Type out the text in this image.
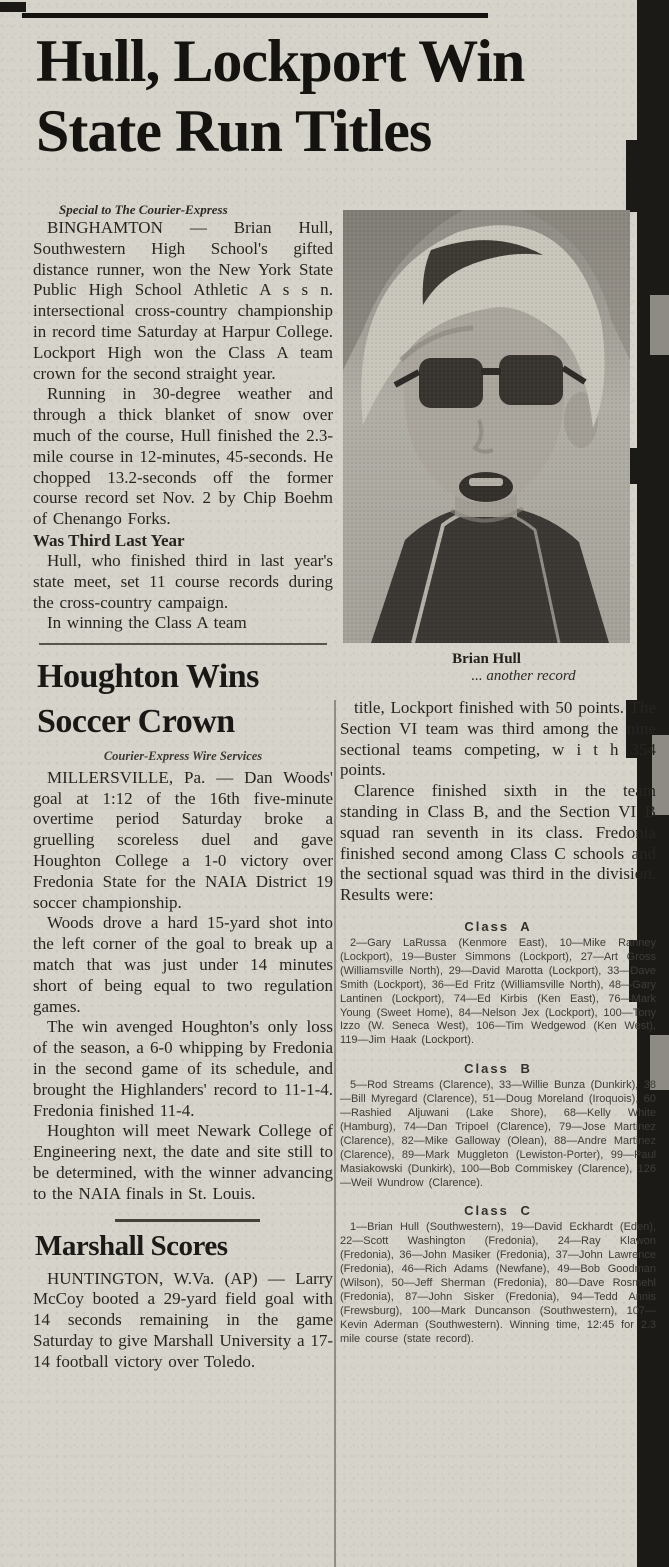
Hull, Lockport Win
State Run Titles
Special to The Courier-Express

BINGHAMTON — Brian Hull, Southwestern High School's gifted distance runner, won the New York State Public High School Athletic A s s n. intersectional cross-country championship in record time Saturday at Harpur College. Lockport High won the Class A team crown for the second straight year.

Running in 30-degree weather and through a thick blanket of snow over much of the course, Hull finished the 2.3-mile course in 12-minutes, 45-seconds. He chopped 13.2-seconds off the former course record set Nov. 2 by Chip Boehm of Chenango Forks.

Was Third Last Year

Hull, who finished third in last year's state meet, set 11 course records during the cross-country campaign.

In winning the Class A team

Houghton Wins
Soccer Crown
Courier-Express Wire Services

MILLERSVILLE, Pa. — Dan Woods' goal at 1:12 of the 16th five-minute overtime period Saturday broke a gruelling scoreless duel and gave Houghton College a 1-0 victory over Fredonia State for the NAIA District 19 soccer championship.

Woods drove a hard 15-yard shot into the left corner of the goal to break up a match that was just under 14 minutes short of being equal to two regulation games.

The win avenged Houghton's only loss of the season, a 6-0 whipping by Fredonia in the second game of its schedule, and brought the Highlanders' record to 11-1-4. Fredonia finished 11-4.

Houghton will meet Newark College of Engineering next, the date and site still to be determined, with the winner advancing to the NAIA finals in St. Louis.

Marshall Scores

HUNTINGTON, W.Va. (AP) — Larry McCoy booted a 29-yard field goal with 14 seconds remaining in the game Saturday to give Marshall University a 17-14 football victory over Toledo.

Brian Hull
... another record

title, Lockport finished with 50 points. The Section VI team was third among the nine sectional teams competing, w i t h 354 points.

Clarence finished sixth in the team standing in Class B, and the Section VI B squad ran seventh in its class. Fredonia finished second among Class C schools and the sectional squad was third in the division. Results were:

Class A

2—Gary LaRussa (Kenmore East), 10—Mike Ranney (Lockport), 19—Buster Simmons (Lockport), 27—Art Gross (Williamsville North), 29—David Marotta (Lockport), 33—Dave Smith (Lockport), 36—Ed Fritz (Williamsville North), 48—Gary Lantinen (Lockport), 74—Ed Kirbis (Ken East), 76—Mark Young (Sweet Home), 84—Nelson Jex (Lockport), 100—Tony Izzo (W. Seneca West), 106—Tim Wedgewod (Ken West), 119—Jim Haak (Lockport).

Class B

5—Rod Streams (Clarence), 33—Willie Bunza (Dunkirk), 38—Bill Myregard (Clarence), 51—Doug Moreland (Iroquois), 60—Rashied Aljuwani (Lake Shore), 68—Kelly White (Hamburg), 74—Dan Tripoel (Clarence), 79—Jose Martinez (Clarence), 82—Mike Galloway (Olean), 88—Andre Martinez (Clarence), 89—Mark Muggleton (Lewiston-Porter), 99—Paul Masiakowski (Dunkirk), 100—Bob Commiskey (Clarence), 126—Weil Wundrow (Clarence).

Class C

1—Brian Hull (Southwestern), 19—David Eckhardt (Eden), 22—Scott Washington (Fredonia), 24—Ray Klawon (Fredonia), 36—John Masiker (Fredonia), 37—John Lawrence (Fredonia), 46—Rich Adams (Newfane), 49—Bob Goodman (Wilson), 50—Jeff Sherman (Fredonia), 80—Dave Rosmehl (Fredonia), 87—John Sisker (Fredonia), 94—Tedd Annis (Frewsburg), 100—Mark Duncanson (Southwestern), 107—Kevin Aderman (Southwestern). Winning time, 12:45 for 2.3 mile course (state record).
